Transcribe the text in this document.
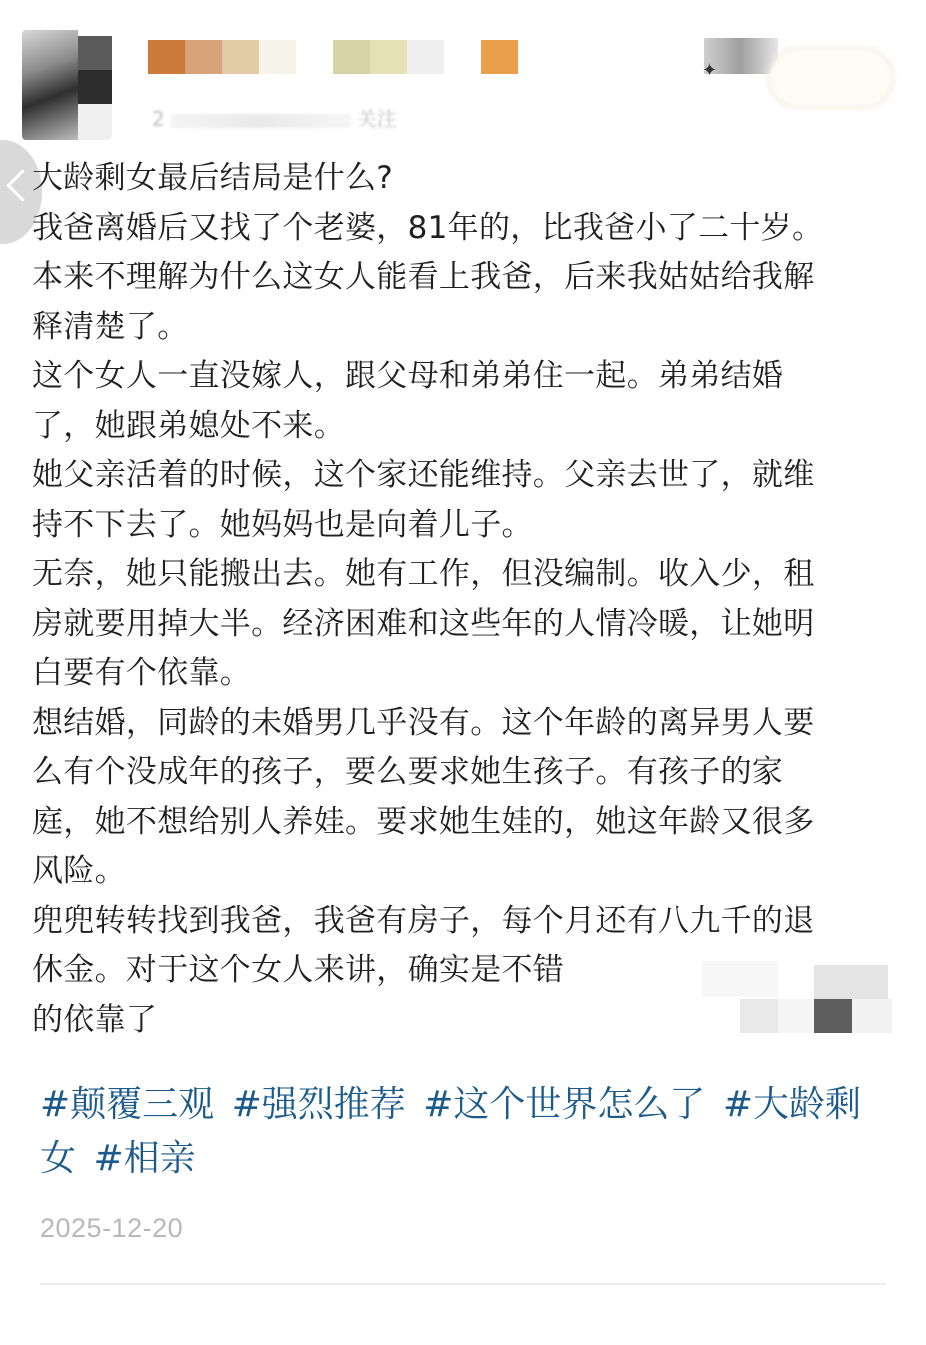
2	关注
✦
大龄剩女最后结局是什么?
我爸离婚后又找了个老婆，81年的，比我爸小了二十岁。
本来不理解为什么这女人能看上我爸，后来我姑姑给我解
释清楚了。
这个女人一直没嫁人，跟父母和弟弟住一起。弟弟结婚
了，她跟弟媳处不来。
她父亲活着的时候，这个家还能维持。父亲去世了，就维
持不下去了。她妈妈也是向着儿子。
无奈，她只能搬出去。她有工作，但没编制。收入少，租
房就要用掉大半。经济困难和这些年的人情冷暖，让她明
白要有个依靠。
想结婚，同龄的未婚男几乎没有。这个年龄的离异男人要
么有个没成年的孩子，要么要求她生孩子。有孩子的家
庭，她不想给别人养娃。要求她生娃的，她这年龄又很多
风险。
兜兜转转找到我爸，我爸有房子，每个月还有八九千的退
休金。对于这个女人来讲，确实是不错
的依靠了
#颠覆三观 #强烈推荐 #这个世界怎么了 #大龄剩女 #相亲
2025-12-20
